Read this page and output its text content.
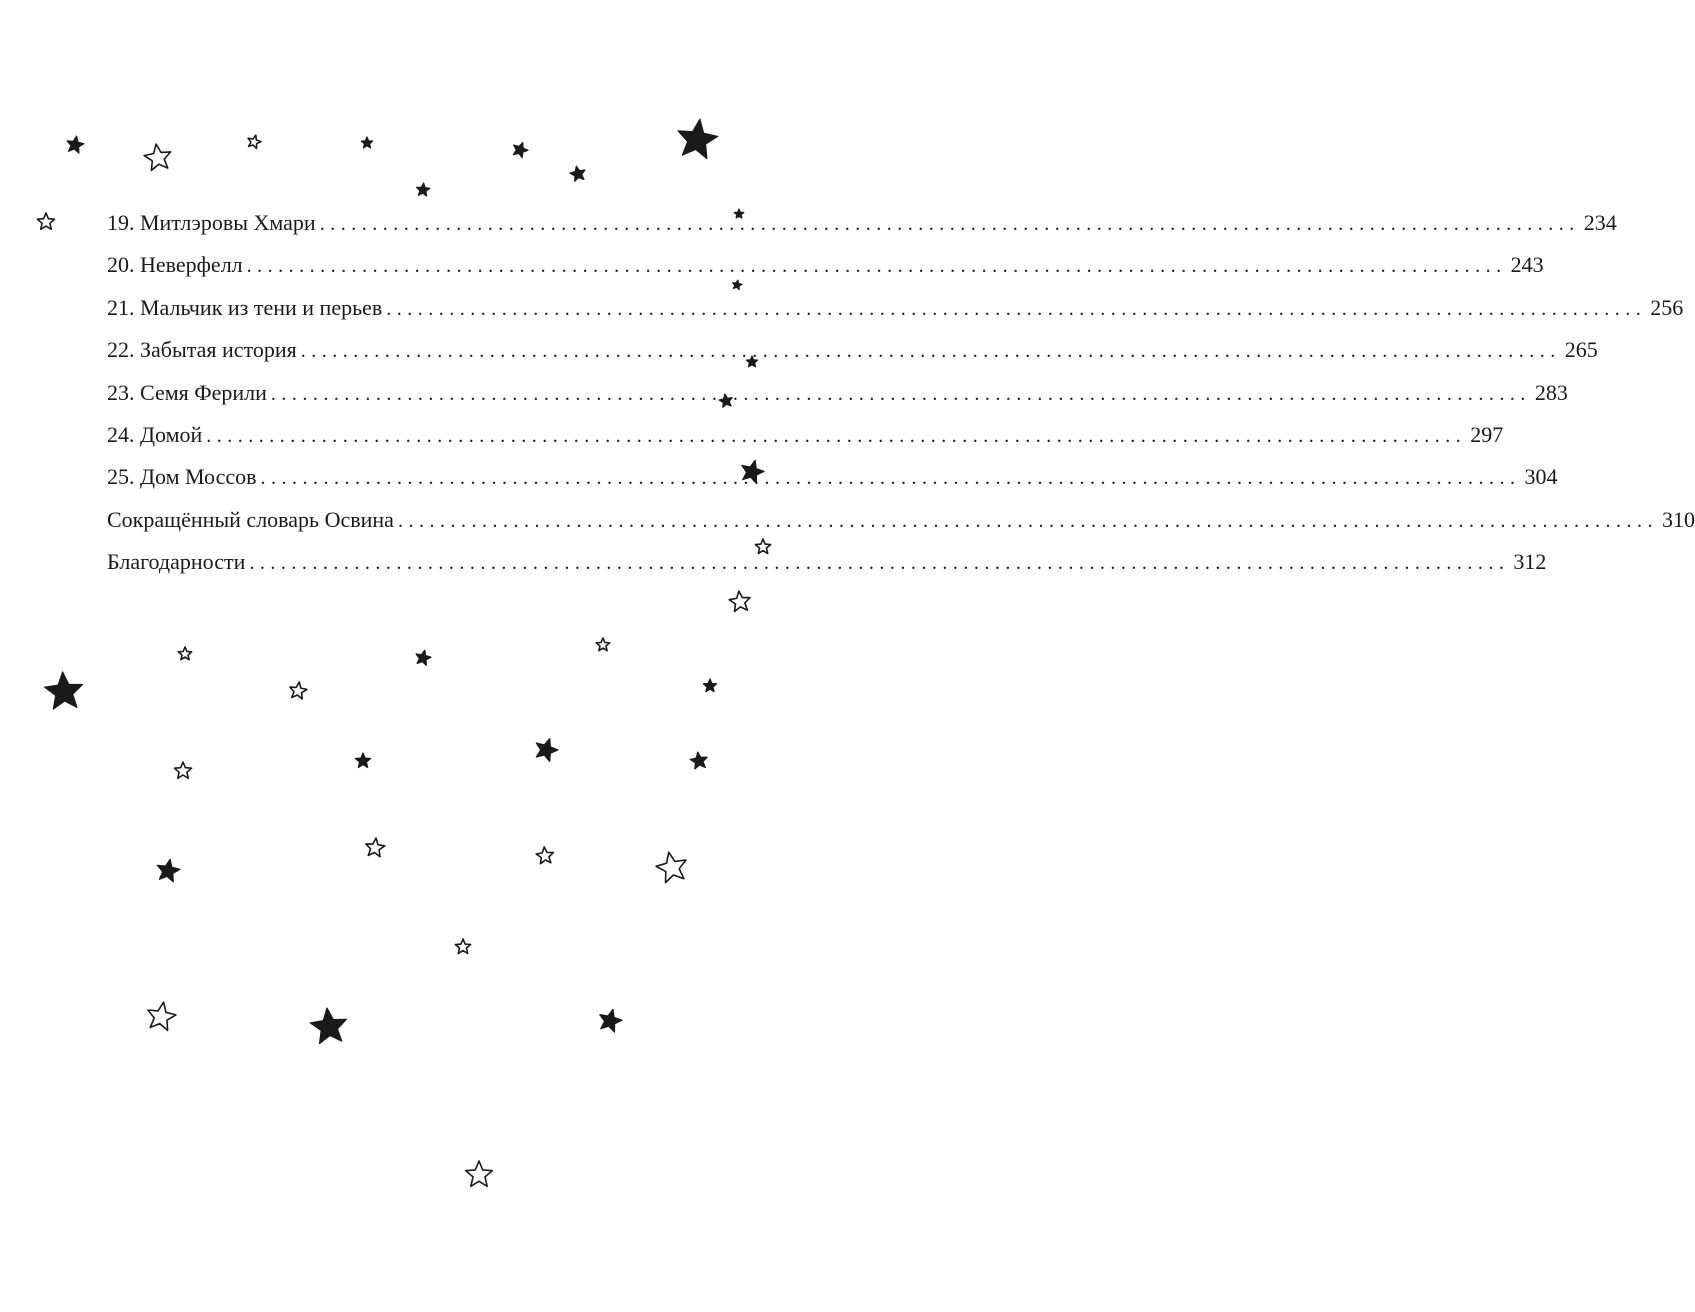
19. Митлэровы Хмари ........................................................................................................................ 234
20. Неверфелл ........................................................................................................................ 243
21. Мальчик из тени и перьев ........................................................................................................................ 256
22. Забытая история ........................................................................................................................ 265
23. Семя Ферили ........................................................................................................................ 283
24. Домой ........................................................................................................................ 297
25. Дом Моссов ........................................................................................................................ 304
Сокращённый словарь Освина ........................................................................................................................ 310
Благодарности ........................................................................................................................ 312
